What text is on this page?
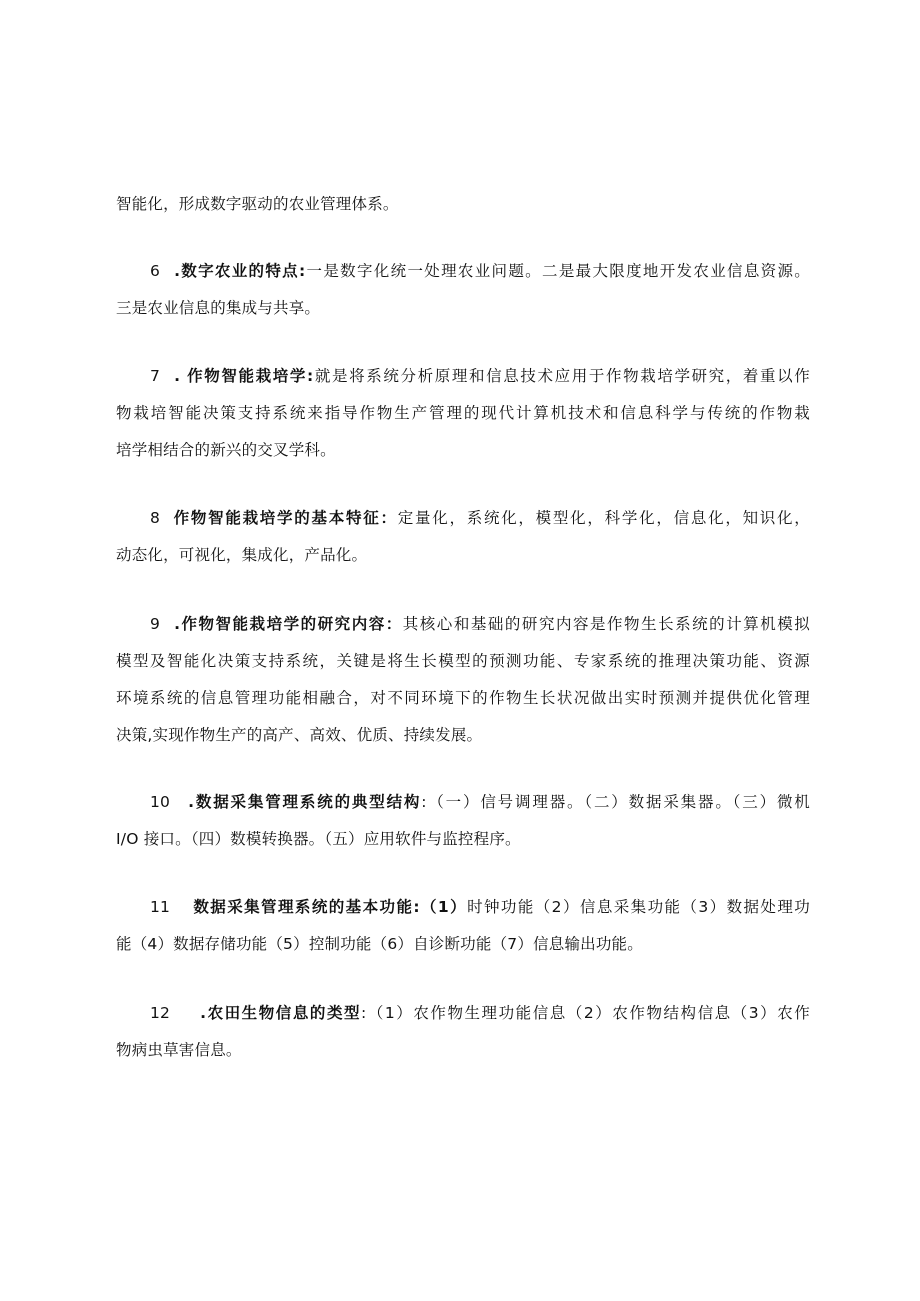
智能化，形成数字驱动的农业管理体系。
6 .数字农业的特点:一是数字化统一处理农业问题。二是最大限度地开发农业信息资源。
三是农业信息的集成与共享。
7 . 作物智能栽培学:就是将系统分析原理和信息技术应用于作物栽培学研究，着重以作
物栽培智能决策支持系统来指导作物生产管理的现代计算机技术和信息科学与传统的作物栽
培学相结合的新兴的交叉学科。
8 作物智能栽培学的基本特征：定量化，系统化，模型化，科学化，信息化，知识化，
动态化，可视化，集成化，产品化。
9 .作物智能栽培学的研究内容：其核心和基础的研究内容是作物生长系统的计算机模拟
模型及智能化决策支持系统，关键是将生长模型的预测功能、专家系统的推理决策功能、资源
环境系统的信息管理功能相融合，对不同环境下的作物生长状况做出实时预测并提供优化管理
决策,实现作物生产的高产、高效、优质、持续发展。
10 .数据采集管理系统的典型结构:（一）信号调理器。（二）数据采集器。（三）微机
I/O 接口。（四）数模转换器。（五）应用软件与监控程序。
11 数据采集管理系统的基本功能:（1）时钟功能（2）信息采集功能（3）数据处理功
能（4）数据存储功能（5）控制功能（6）自诊断功能（7）信息输出功能。
12 .农田生物信息的类型:（1）农作物生理功能信息（2）农作物结构信息（3）农作
物病虫草害信息。
